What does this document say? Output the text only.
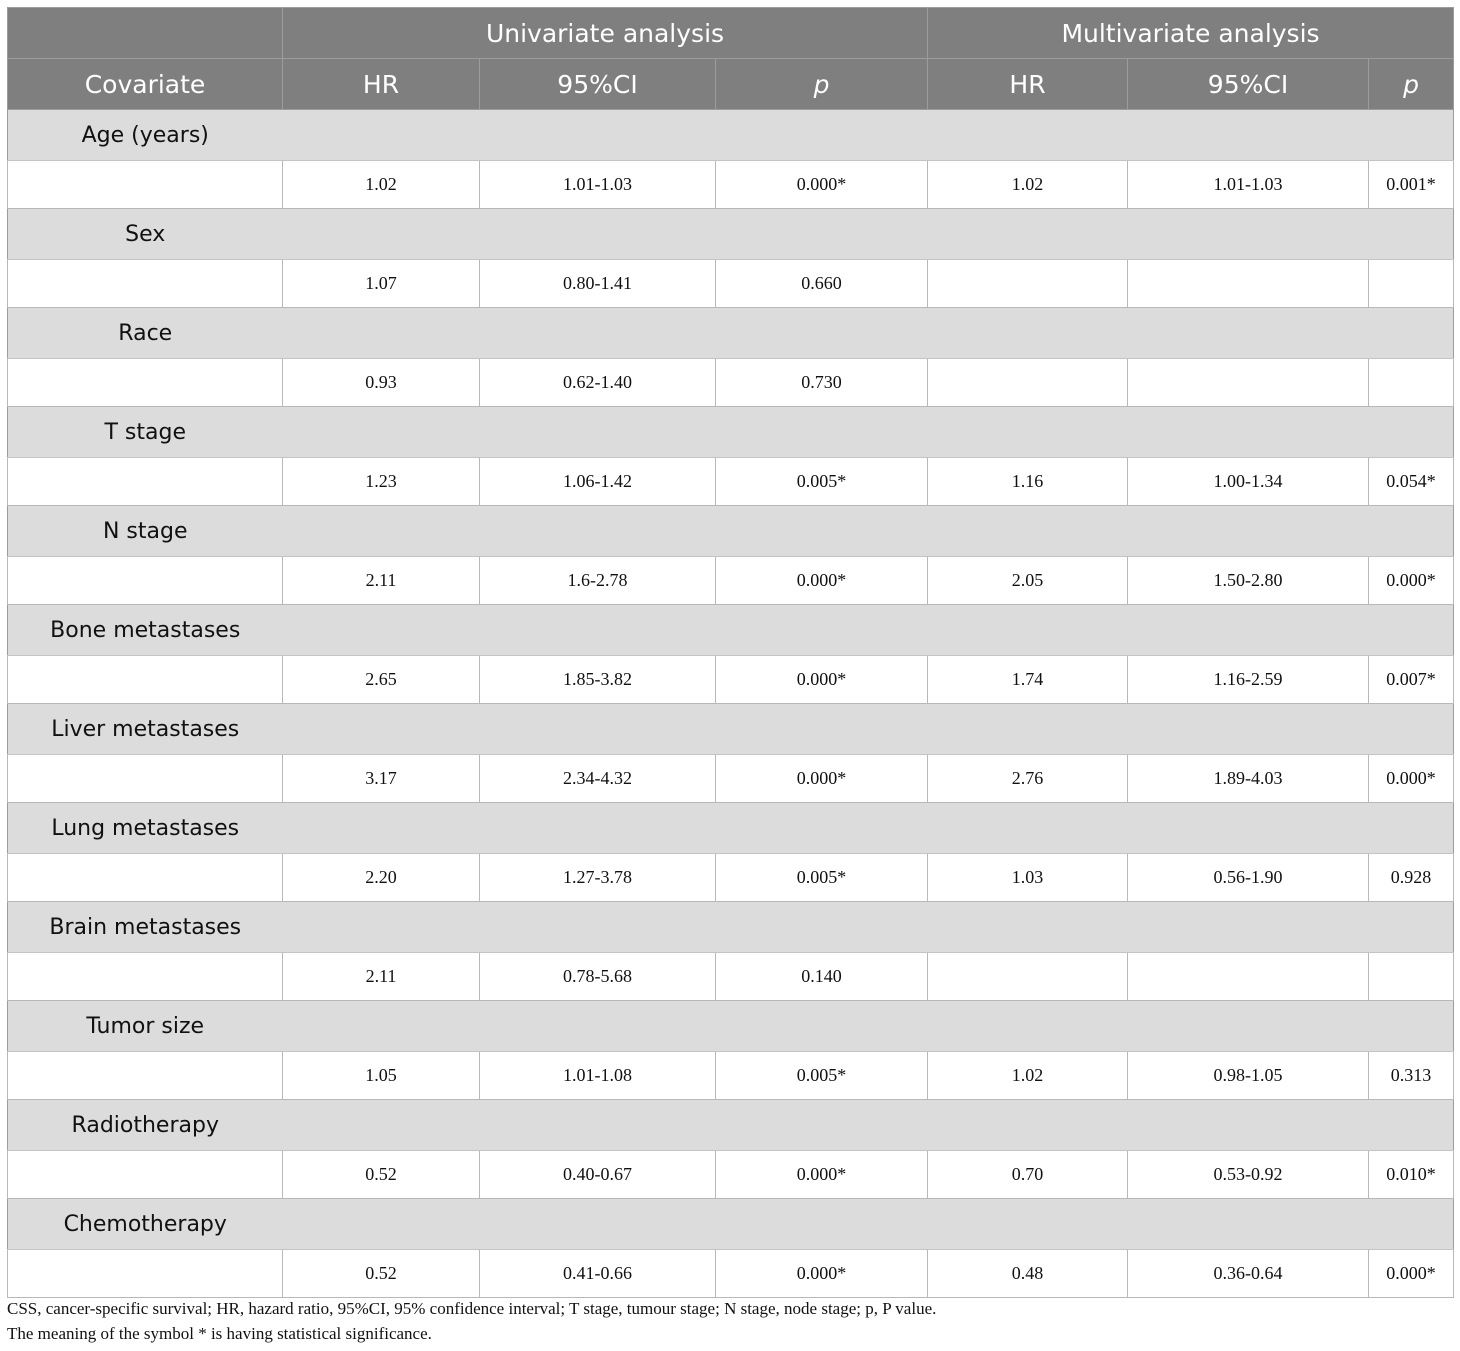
	Univariate analysis			Multivariate analysis		
Covariate	HR	95%CI	p	HR	95%CI	p
Age (years)						
	1.02	1.01-1.03	0.000*	1.02	1.01-1.03	0.001*
Sex						
	1.07	0.80-1.41	0.660			
Race						
	0.93	0.62-1.40	0.730			
T stage						
	1.23	1.06-1.42	0.005*	1.16	1.00-1.34	0.054*
N stage						
	2.11	1.6-2.78	0.000*	2.05	1.50-2.80	0.000*
Bone metastases						
	2.65	1.85-3.82	0.000*	1.74	1.16-2.59	0.007*
Liver metastases						
	3.17	2.34-4.32	0.000*	2.76	1.89-4.03	0.000*
Lung metastases						
	2.20	1.27-3.78	0.005*	1.03	0.56-1.90	0.928
Brain metastases						
	2.11	0.78-5.68	0.140			
Tumor size						
	1.05	1.01-1.08	0.005*	1.02	0.98-1.05	0.313
Radiotherapy						
	0.52	0.40-0.67	0.000*	0.70	0.53-0.92	0.010*
Chemotherapy						
	0.52	0.41-0.66	0.000*	0.48	0.36-0.64	0.000*
CSS, cancer-specific survival; HR, hazard ratio, 95%CI, 95% confidence interval; T stage, tumour stage; N stage, node stage; p, P value.
The meaning of the symbol * is having statistical significance.
